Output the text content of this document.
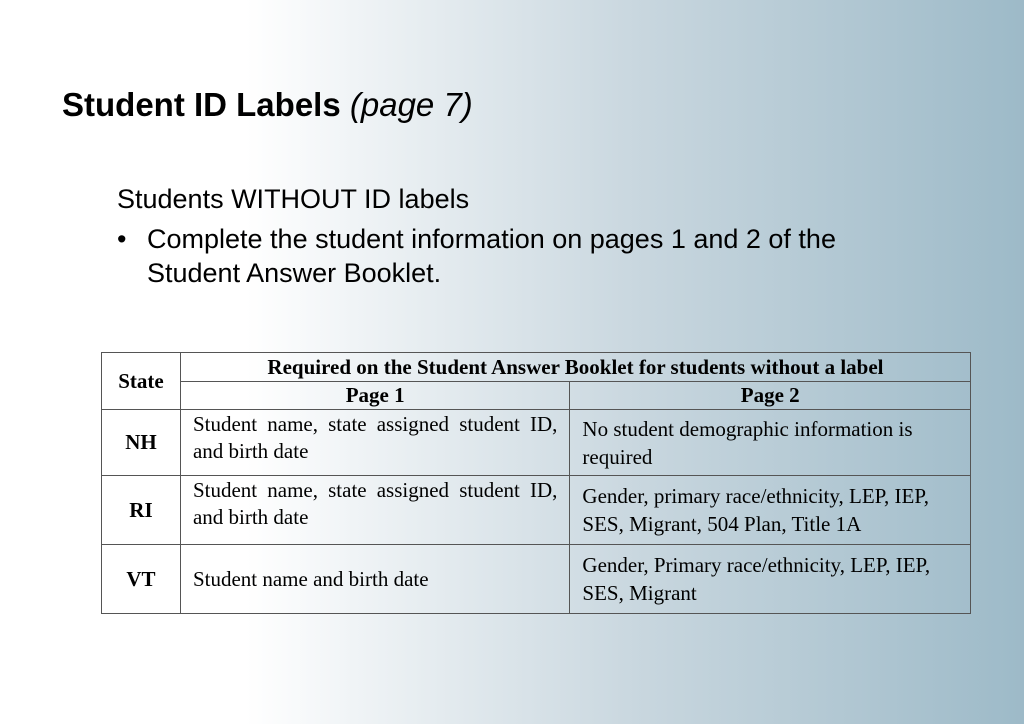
Student ID Labels (page 7)

Students WITHOUT ID labels

• Complete the student information on pages 1 and 2 of the Student Answer Booklet.
State	Required on the Student Answer Booklet for students without a label	
	Page 1	Page 2
NH	Student name, state assigned student ID, and birth date	No student demographic information is required
RI	Student name, state assigned student ID, and birth date	Gender, primary race/ethnicity, LEP, IEP, SES, Migrant, 504 Plan, Title 1A
VT	Student name and birth date	Gender, Primary race/ethnicity, LEP, IEP, SES, Migrant
